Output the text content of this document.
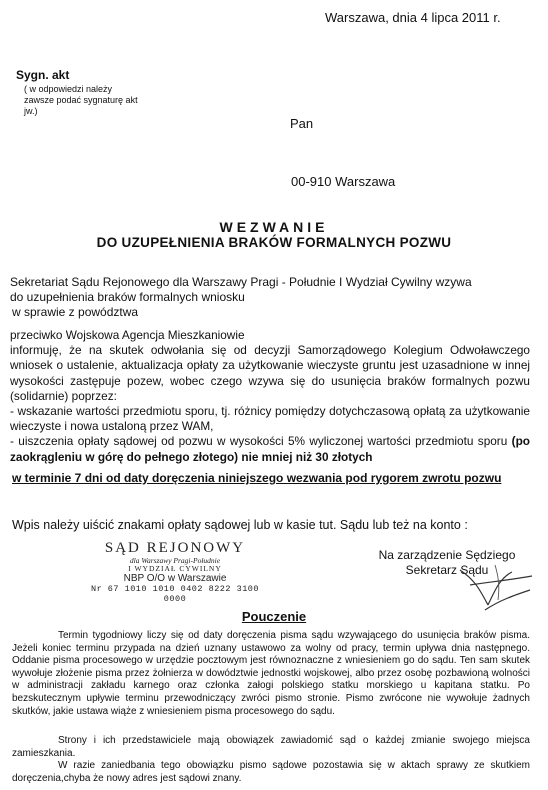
Warszawa, dnia 4 lipca 2011 r.
Sygn. akt
( w odpowiedzi należy zawsze podać sygnaturę akt jw.)
Pan
00-910 Warszawa
WEZWANIE
DO UZUPEŁNIENIA BRAKÓW FORMALNYCH POZWU
Sekretariat Sądu Rejonowego dla Warszawy Pragi - Południe I Wydział Cywilny wzywa
do uzupełnienia braków formalnych wniosku
w sprawie z powództwa
przeciwko Wojskowa Agencja Mieszkaniowie
informuję, że na skutek odwołania się od decyzji Samorządowego Kolegium Odwoławczego wniosek o ustalenie, aktualizacja opłaty za użytkowanie wieczyste gruntu jest uzasadnione w innej wysokości zastępuje pozew, wobec czego wzywa się do usunięcia braków formalnych pozwu (solidarnie) poprzez:
- wskazanie wartości przedmiotu sporu, tj. różnicy pomiędzy dotychczasową opłatą za użytkowanie wieczyste i nowa ustaloną przez WAM,
- uiszczenia opłaty sądowej od pozwu w wysokości 5% wyliczonej wartości przedmiotu sporu (po zaokrągleniu w górę do pełnego złotego) nie mniej niż 30 złotych
w terminie 7 dni od daty doręczenia niniejszego wezwania pod rygorem zwrotu pozwu
Wpis należy uiścić znakami opłaty sądowej lub w kasie tut. Sądu lub też na konto :
SĄD REJONOWY
dla Warszawy Pragi-Południe
I WYDZIAŁ CYWILNY
NBP O/O w Warszawie
Nr 67 1010 1010 0402 8222 3100 0000
Na zarządzenie Sędziego
Sekretarz Sądu
Pouczenie
Termin tygodniowy liczy się od daty doręczenia pisma sądu wzywającego do usunięcia braków pisma. Jeżeli koniec terminu przypada na dzień uznany ustawowo za wolny od pracy, termin upływa dnia następnego. Oddanie pisma procesowego w urzędzie pocztowym jest równoznaczne z wniesieniem go do sądu. Ten sam skutek wywołuje złożenie pisma przez żołnierza w dowództwie jednostki wojskowej, albo przez osobę pozbawioną wolności w administracji zakładu karnego oraz członka załogi polskiego statku morskiego u kapitana statku. Po bezskutecznym upływie terminu przewodniczący zwróci pismo stronie. Pismo zwrócone nie wywołuje żadnych skutków, jakie ustawa wiąże z wniesieniem pisma procesowego do sądu.
Strony i ich przedstawiciele mają obowiązek zawiadomić sąd o każdej zmianie swojego miejsca zamieszkania.
W razie zaniedbania tego obowiązku pismo sądowe pozostawia się w aktach sprawy ze skutkiem doręczenia,chyba że nowy adres jest sądowi znany.
